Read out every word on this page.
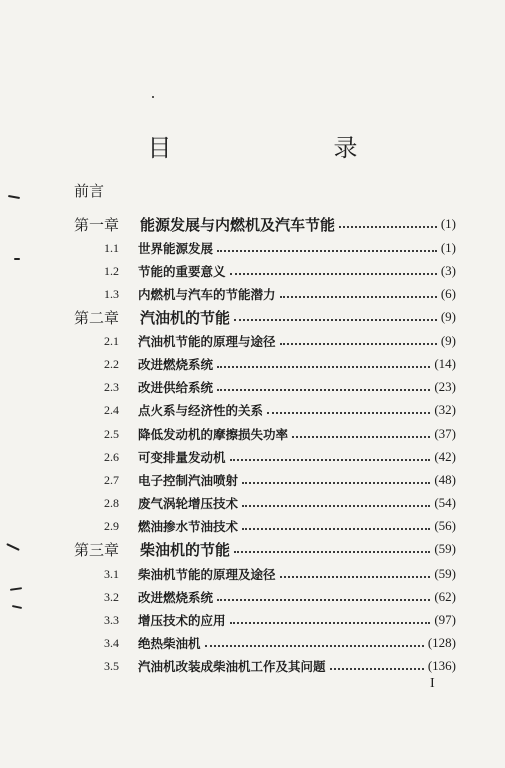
目　　录
前言
第一章	能源发展与内燃机及汽车节能	(1)
1.1	世界能源发展	(1)
1.2	节能的重要意义	(3)
1.3	内燃机与汽车的节能潜力	(6)
第二章	汽油机的节能	(9)
2.1	汽油机节能的原理与途径	(9)
2.2	改进燃烧系统	(14)
2.3	改进供给系统	(23)
2.4	点火系与经济性的关系	(32)
2.5	降低发动机的摩擦损失功率	(37)
2.6	可变排量发动机	(42)
2.7	电子控制汽油喷射	(48)
2.8	废气涡轮增压技术	(54)
2.9	燃油掺水节油技术	(56)
第三章	柴油机的节能	(59)
3.1	柴油机节能的原理及途径	(59)
3.2	改进燃烧系统	(62)
3.3	增压技术的应用	(97)
3.4	绝热柴油机	(128)
3.5	汽油机改装成柴油机工作及其问题	(136)
I
